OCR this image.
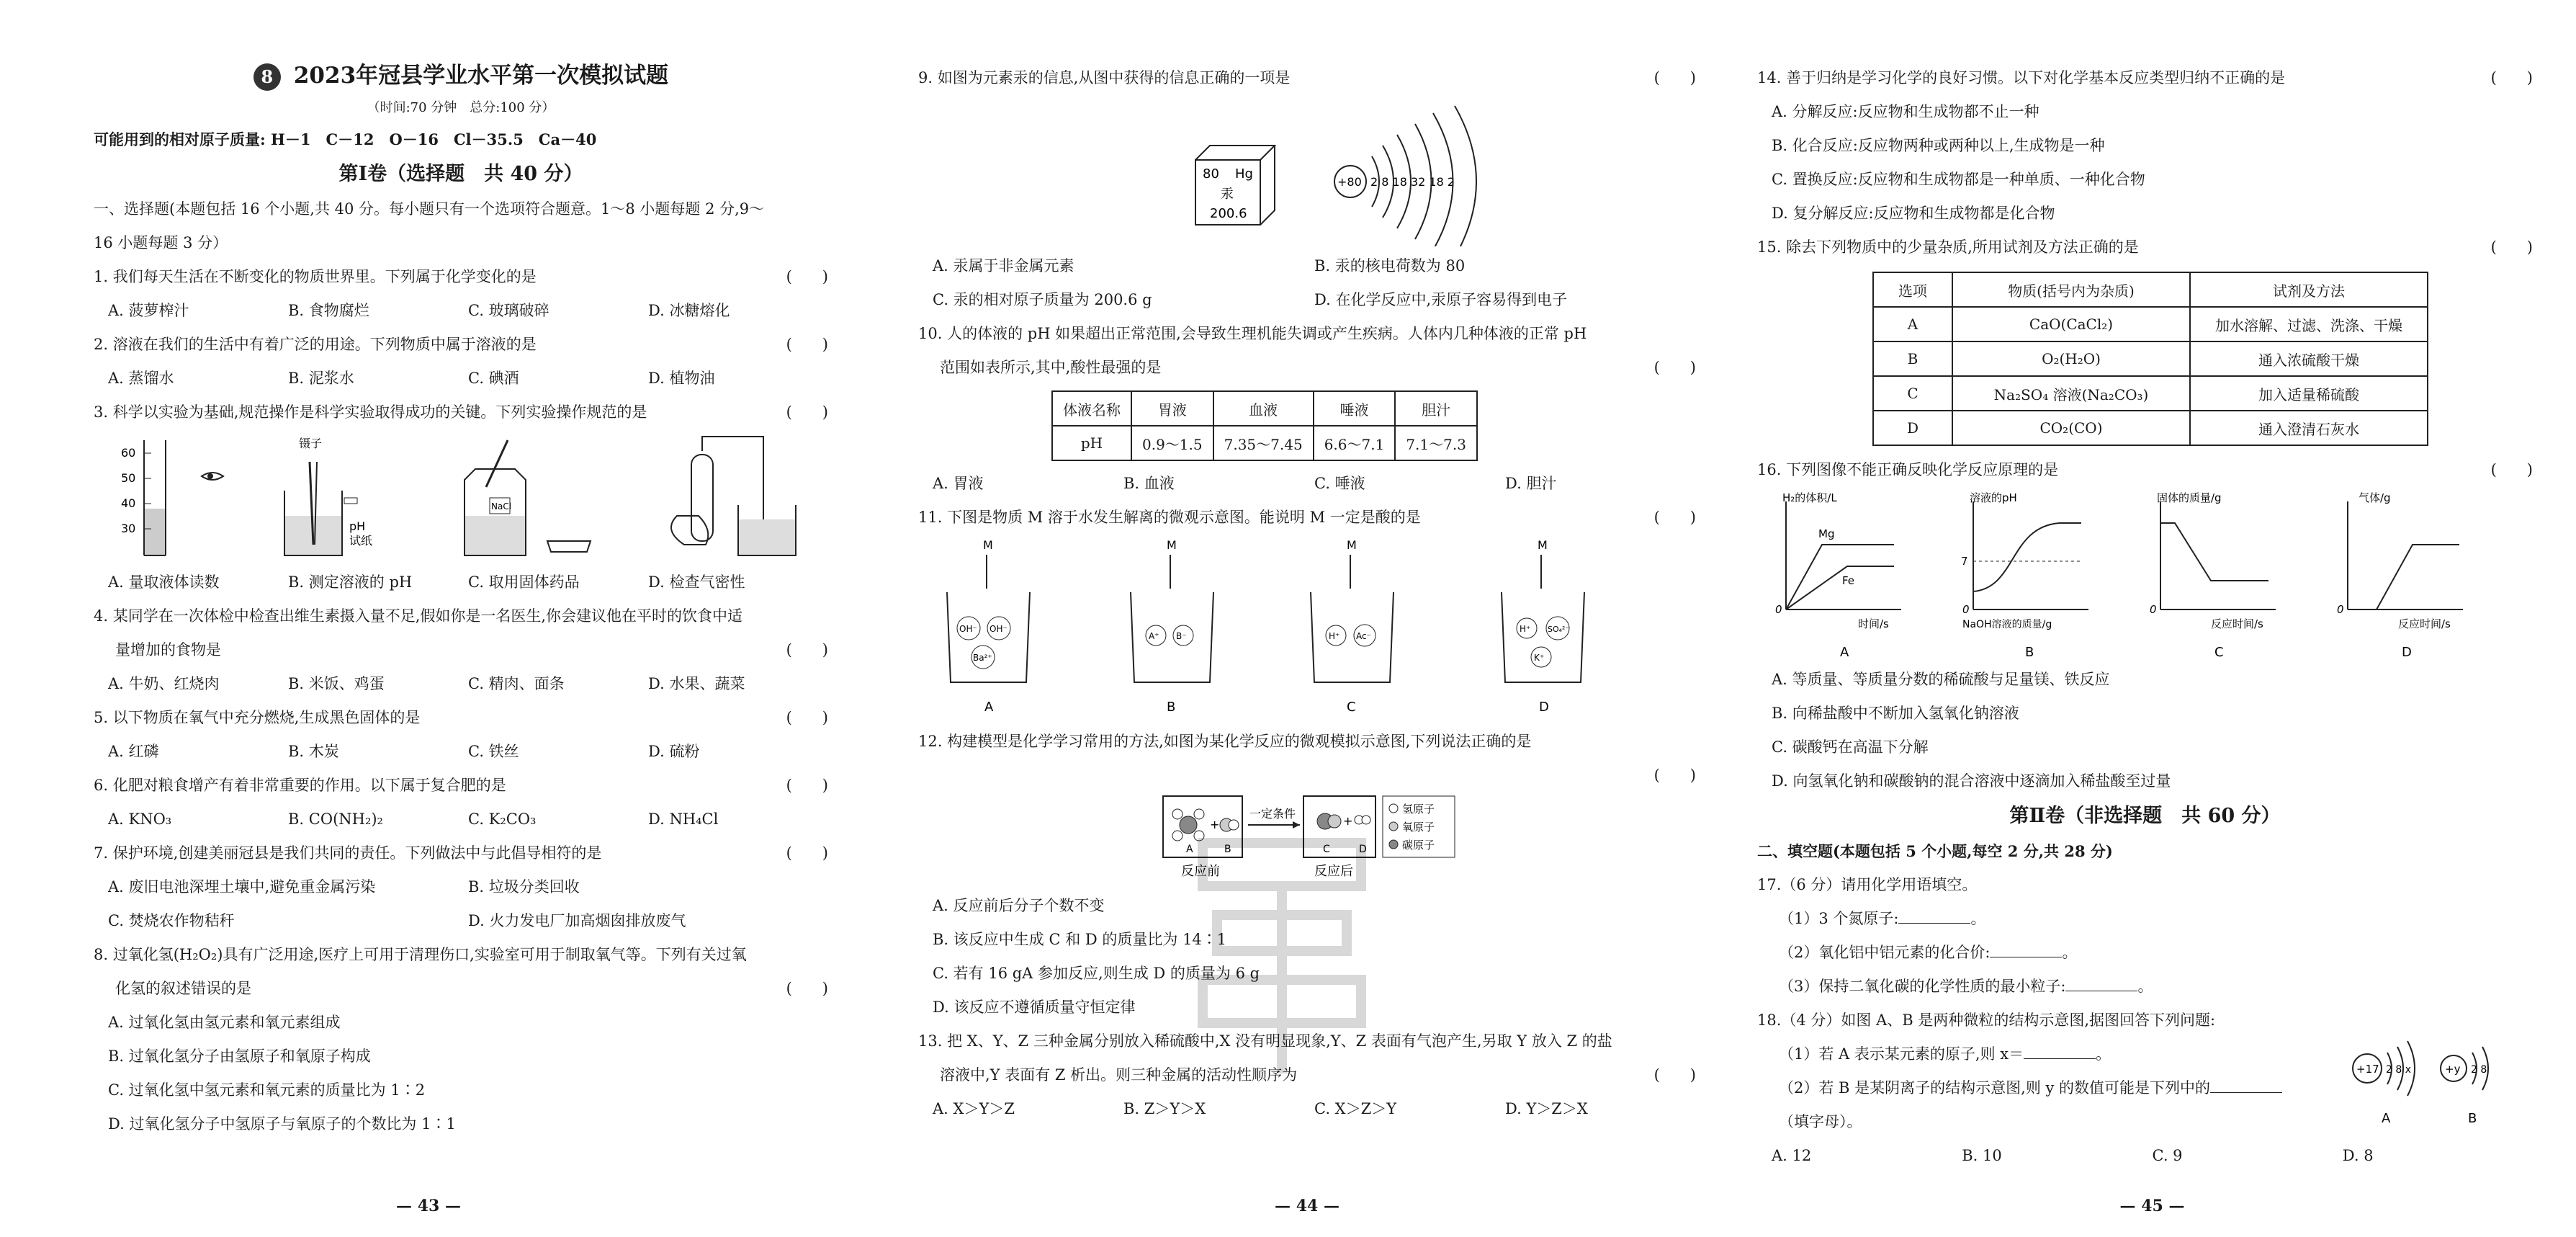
8 2023年冠县学业水平第一次模拟试题
（时间:70 分钟　总分:100 分）
可能用到的相对原子质量: H－1　C－12　O－16　Cl－35.5　Ca－40
第Ⅰ卷（选择题　共 40 分）
一、选择题(本题包括 16 个小题,共 40 分。每小题只有一个选项符合题意。1～8 小题每题 2 分,9～
16 小题每题 3 分）
1. 我们每天生活在不断变化的物质世界里。下列属于化学变化的是	(　　)
A. 菠萝榨汁	B. 食物腐烂	C. 玻璃破碎	D. 冰糖熔化
2. 溶液在我们的生活中有着广泛的用途。下列物质中属于溶液的是	(　　)
A. 蒸馏水	B. 泥浆水	C. 碘酒	D. 植物油
3. 科学以实验为基础,规范操作是科学实验取得成功的关键。下列实验操作规范的是	(　　)
60
50
40
30
镊子
pH
试纸
NaCl
A. 量取液体读数	B. 测定溶液的 pH	C. 取用固体药品	D. 检查气密性
4. 某同学在一次体检中检查出维生素摄入量不足,假如你是一名医生,你会建议他在平时的饮食中适
量增加的食物是	(　　)
A. 牛奶、红烧肉	B. 米饭、鸡蛋	C. 精肉、面条	D. 水果、蔬菜
5. 以下物质在氧气中充分燃烧,生成黑色固体的是	(　　)
A. 红磷	B. 木炭	C. 铁丝	D. 硫粉
6. 化肥对粮食增产有着非常重要的作用。以下属于复合肥的是	(　　)
A. KNO₃	B. CO(NH₂)₂	C. K₂CO₃	D. NH₄Cl
7. 保护环境,创建美丽冠县是我们共同的责任。下列做法中与此倡导相符的是	(　　)
A. 废旧电池深埋土壤中,避免重金属污染	B. 垃圾分类回收
C. 焚烧农作物秸秆	D. 火力发电厂加高烟囱排放废气
8. 过氧化氢(H₂O₂)具有广泛用途,医疗上可用于清理伤口,实验室可用于制取氧气等。下列有关过氧
化氢的叙述错误的是	(　　)
A. 过氧化氢由氢元素和氧元素组成
B. 过氧化氢分子由氢原子和氧原子构成
C. 过氧化氢中氢元素和氧元素的质量比为 1∶2
D. 过氧化氢分子中氢原子与氧原子的个数比为 1∶1
— 43 —
9. 如图为元素汞的信息,从图中获得的信息正确的一项是	(　　)
80 Hg
汞
200.6
+80 2 8 18 32 18 2
A. 汞属于非金属元素	B. 汞的核电荷数为 80
C. 汞的相对原子质量为 200.6 g	D. 在化学反应中,汞原子容易得到电子
10. 人的体液的 pH 如果超出正常范围,会导致生理机能失调或产生疾病。人体内几种体液的正常 pH
范围如表所示,其中,酸性最强的是	(　　)
体液名称	胃液	血液	唾液	胆汁
pH	0.9～1.5	7.35～7.45	6.6～7.1	7.1～7.3
A. 胃液	B. 血液	C. 唾液	D. 胆汁
11. 下图是物质 M 溶于水发生解离的微观示意图。能说明 M 一定是酸的是	(　　)
M
OH⁻ OH⁻
Ba²⁺
A
M
A⁺ B⁻
B
M
H⁺ Ac⁻
C
M
H⁺ SO₄²⁻
K⁺
D
12. 构建模型是化学学习常用的方法,如图为某化学反应的微观模拟示意图,下列说法正确的是
(　　)

+
A	B
反应前
一定条件
+
C	D
反应后
氢原子
氧原子
碳原子
A. 反应前后分子个数不变
B. 该反应中生成 C 和 D 的质量比为 14∶1
C. 若有 16 gA 参加反应,则生成 D 的质量为 6 g
D. 该反应不遵循质量守恒定律
13. 把 X、Y、Z 三种金属分别放入稀硫酸中,X 没有明显现象,Y、Z 表面有气泡产生,另取 Y 放入 Z 的盐
溶液中,Y 表面有 Z 析出。则三种金属的活动性顺序为	(　　)
A. X＞Y＞Z	B. Z＞Y＞X	C. X＞Z＞Y	D. Y＞Z＞X
— 44 —
14. 善于归纳是学习化学的良好习惯。以下对化学基本反应类型归纳不正确的是	(　　)
A. 分解反应:反应物和生成物都不止一种
B. 化合反应:反应物两种或两种以上,生成物是一种
C. 置换反应:反应物和生成物都是一种单质、一种化合物
D. 复分解反应:反应物和生成物都是化合物
15. 除去下列物质中的少量杂质,所用试剂及方法正确的是	(　　)
选项	物质(括号内为杂质)	试剂及方法
A	CaO(CaCl₂)	加水溶解、过滤、洗涤、干燥
B	O₂(H₂O)	通入浓硫酸干燥
C	Na₂SO₄ 溶液(Na₂CO₃)	加入适量稀硫酸
D	CO₂(CO)	通入澄清石灰水
16. 下列图像不能正确反映化学反应原理的是	(　　)
H₂的体积/L
时间/s
0
Mg
Fe
A
溶液的pH
NaOH溶液的质量/g
0
7
B
固体的质量/g
反应时间/s
0
C
气体/g
反应时间/s
0
D
A. 等质量、等质量分数的稀硫酸与足量镁、铁反应
B. 向稀盐酸中不断加入氢氧化钠溶液
C. 碳酸钙在高温下分解
D. 向氢氧化钠和碳酸钠的混合溶液中逐滴加入稀盐酸至过量
第Ⅱ卷（非选择题　共 60 分）
二、填空题(本题包括 5 个小题,每空 2 分,共 28 分)
17.（6 分）请用化学用语填空。
（1）3 个氮原子:	。
（2）氧化铝中铝元素的化合价:	。
（3）保持二氧化碳的化学性质的最小粒子:	。
18.（4 分）如图 A、B 是两种微粒的结构示意图,据图回答下列问题:
（1）若 A 表示某元素的原子,则 x＝	。
（2）若 B 是某阴离子的结构示意图,则 y 的数值可能是下列中的
（填字母）。
+17 2 8 x
A
+y 2 8
B
A. 12	B. 10	C. 9	D. 8
— 45 —
